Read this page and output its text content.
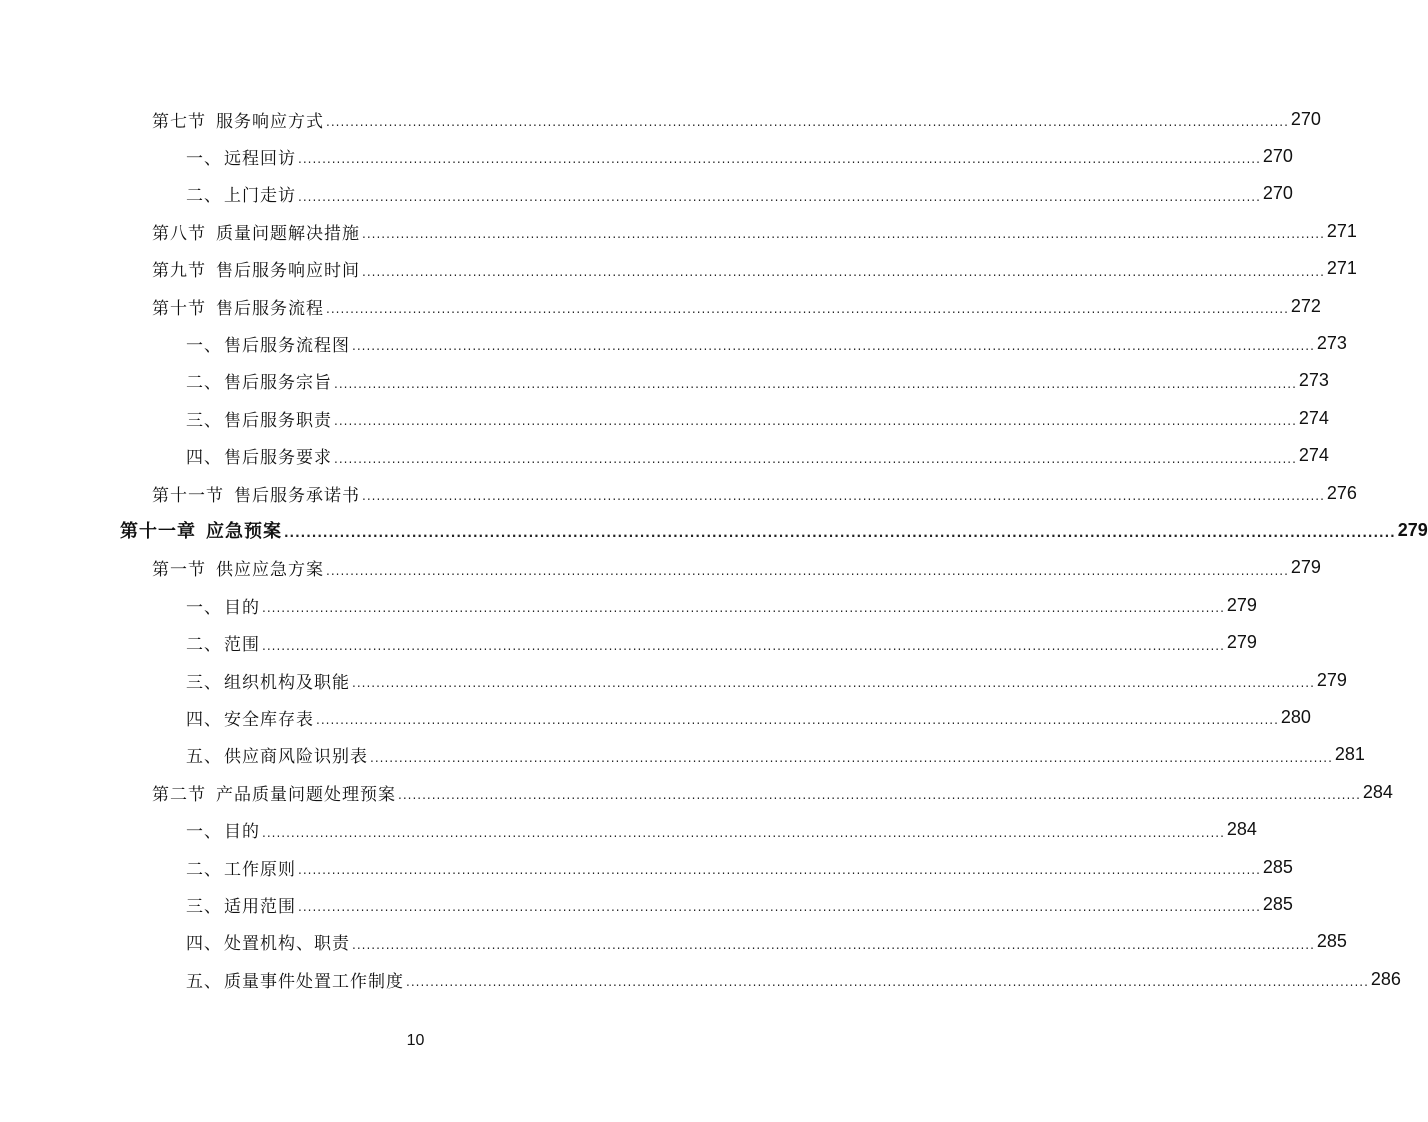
第七节 服务响应方式 ........................................................................................................................................................................................................ 270
一、 远程回访 ........................................................................................................................................................................................................ 270
二、 上门走访 ........................................................................................................................................................................................................ 270
第八节 质量问题解决措施 ........................................................................................................................................................................................................ 271
第九节 售后服务响应时间 ........................................................................................................................................................................................................ 271
第十节 售后服务流程 ........................................................................................................................................................................................................ 272
一、 售后服务流程图 ........................................................................................................................................................................................................ 273
二、 售后服务宗旨 ........................................................................................................................................................................................................ 273
三、 售后服务职责 ........................................................................................................................................................................................................ 274
四、 售后服务要求 ........................................................................................................................................................................................................ 274
第十一节 售后服务承诺书 ........................................................................................................................................................................................................ 276
第十一章 应急预案 ........................................................................................................................................................................................................ 279
第一节 供应应急方案 ........................................................................................................................................................................................................ 279
一、 目的 ........................................................................................................................................................................................................ 279
二、 范围 ........................................................................................................................................................................................................ 279
三、 组织机构及职能 ........................................................................................................................................................................................................ 279
四、 安全库存表 ........................................................................................................................................................................................................ 280
五、 供应商风险识别表 ........................................................................................................................................................................................................ 281
第二节 产品质量问题处理预案 ........................................................................................................................................................................................................ 284
一、 目的 ........................................................................................................................................................................................................ 284
二、 工作原则 ........................................................................................................................................................................................................ 285
三、 适用范围 ........................................................................................................................................................................................................ 285
四、 处置机构、职责 ........................................................................................................................................................................................................ 285
五、 质量事件处置工作制度 ........................................................................................................................................................................................................ 286
10
